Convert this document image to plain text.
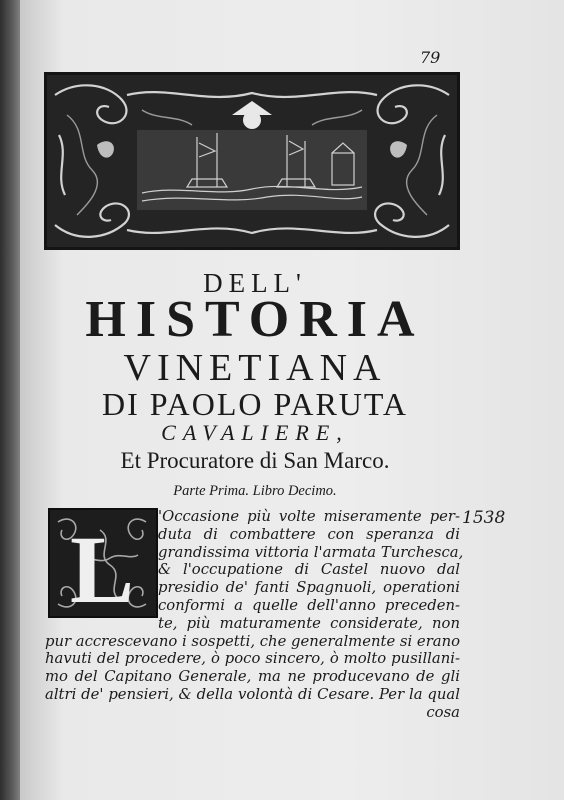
79
DELL'
HISTORIA
VINETIANA
DI PAOLO PARUTA
CAVALIERE,
Et Procuratore di San Marco.
Parte Prima. Libro Decimo.
1538
L	'Occasione più volte miseramente per-
duta di combattere con speranza di
grandissima vittoria l'armata Turchesca,
& l'occupatione di Castel nuovo dal
presidio de' fanti Spagnuoli, operationi
conformi a quelle dell'anno preceden-
te, più maturamente considerate, non
pur accrescevano i sospetti, che generalmente si erano
havuti del procedere, ò poco sincero, ò molto pusillani-
mo del Capitano Generale, ma ne producevano de gli
altri de' pensieri, & della volontà di Cesare. Per la qual
cosa
